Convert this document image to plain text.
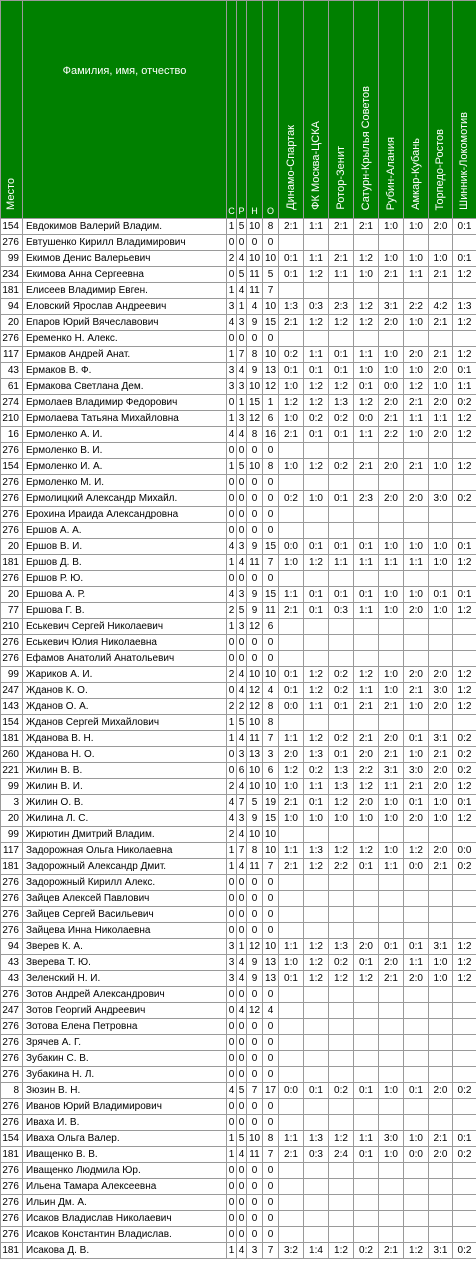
Место	Фамилия, имя, отчество	С	Р	Н	О	Динамо-Спартак	ФК Москва-ЦСКА	Ротор-Зенит	Сатурн-Крылья Советов	Рубин-Алания	Амкар-Кубань	Торпедо-Ростов	Шинник-Локомотив
154	Евдокимов Валерий Владим.	1	5	10	8	2:1	1:1	2:1	2:1	1:0	1:0	2:0	0:1
276	Евтушенко Кирилл Владимирович	0	0	0	0								
99	Екимов Денис Валерьевич	2	4	10	10	0:1	1:1	2:1	1:2	1:0	1:0	1:0	0:1
234	Екимова Анна Сергеевна	0	5	11	5	0:1	1:2	1:1	1:0	2:1	1:1	2:1	1:2
181	Елисеев Владимир Евген.	1	4	11	7								
94	Еловский Ярослав Андреевич	3	1	4	10	1:3	0:3	2:3	1:2	3:1	2:2	4:2	1:3
20	Епаров Юрий Вячеславович	4	3	9	15	2:1	1:2	1:2	1:2	2:0	1:0	2:1	1:2
276	Еременко Н. Алекс.	0	0	0	0								
117	Ермаков Андрей Анат.	1	7	8	10	0:2	1:1	0:1	1:1	1:0	2:0	2:1	1:2
43	Ермаков В. Ф.	3	4	9	13	0:1	0:1	0:1	1:0	1:0	1:0	2:0	0:1
61	Ермакова Светлана Дем.	3	3	10	12	1:0	1:2	1:2	0:1	0:0	1:2	1:0	1:1
274	Ермолаев Владимир Федорович	0	1	15	1	1:2	1:2	1:3	1:2	2:0	2:1	2:0	0:2
210	Ермолаева Татьяна Михайловна	1	3	12	6	1:0	0:2	0:2	0:0	2:1	1:1	1:1	1:2
16	Ермоленко А. И.	4	4	8	16	2:1	0:1	0:1	1:1	2:2	1:0	2:0	1:2
276	Ермоленко В. И.	0	0	0	0								
154	Ермоленко И. А.	1	5	10	8	1:0	1:2	0:2	2:1	2:0	2:1	1:0	1:2
276	Ермоленко М. И.	0	0	0	0								
276	Ермолицкий Александр Михайл.	0	0	0	0	0:2	1:0	0:1	2:3	2:0	2:0	3:0	0:2
276	Ерохина Ираида Александровна	0	0	0	0								
276	Ершов А. А.	0	0	0	0								
20	Ершов В. И.	4	3	9	15	0:0	0:1	0:1	0:1	1:0	1:0	1:0	0:1
181	Ершов Д. В.	1	4	11	7	1:0	1:2	1:1	1:1	1:1	1:1	1:0	1:2
276	Ершов Р. Ю.	0	0	0	0								
20	Ершова А. Р.	4	3	9	15	1:1	0:1	0:1	0:1	1:0	1:0	0:1	0:1
77	Ершова Г. В.	2	5	9	11	2:1	0:1	0:3	1:1	1:0	2:0	1:0	1:2
210	Еськевич Сергей Николаевич	1	3	12	6								
276	Еськевич Юлия Николаевна	0	0	0	0								
276	Ефамов Анатолий Анатольевич	0	0	0	0								
99	Жариков А. И.	2	4	10	10	0:1	1:2	0:2	1:2	1:0	2:0	2:0	1:2
247	Жданов К. О.	0	4	12	4	0:1	1:2	0:2	1:1	1:0	2:1	3:0	1:2
143	Жданов О. А.	2	2	12	8	0:0	1:1	0:1	2:1	2:1	1:0	2:0	1:2
154	Жданов Сергей Михайлович	1	5	10	8								
181	Жданова В. Н.	1	4	11	7	1:1	1:2	0:2	2:1	2:0	0:1	3:1	0:2
260	Жданова Н. О.	0	3	13	3	2:0	1:3	0:1	2:0	2:1	1:0	2:1	0:2
221	Жилин В. В.	0	6	10	6	1:2	0:2	1:3	2:2	3:1	3:0	2:0	0:2
99	Жилин В. И.	2	4	10	10	1:0	1:1	1:3	1:2	1:1	2:1	2:0	1:2
3	Жилин О. В.	4	7	5	19	2:1	0:1	1:2	2:0	1:0	0:1	1:0	0:1
20	Жилина Л. С.	4	3	9	15	1:0	1:0	1:0	1:0	1:0	2:0	1:0	1:2
99	Жирютин Дмитрий Владим.	2	4	10	10								
117	Задорожная Ольга Николаевна	1	7	8	10	1:1	1:3	1:2	1:2	1:0	1:2	2:0	0:0
181	Задорожный Александр Дмит.	1	4	11	7	2:1	1:2	2:2	0:1	1:1	0:0	2:1	0:2
276	Задорожный Кирилл Алекс.	0	0	0	0								
276	Зайцев Алексей Павлович	0	0	0	0								
276	Зайцев Сергей Васильевич	0	0	0	0								
276	Зайцева Инна Николаевна	0	0	0	0								
94	Зверев К. А.	3	1	12	10	1:1	1:2	1:3	2:0	0:1	0:1	3:1	1:2
43	Зверева Т. Ю.	3	4	9	13	1:0	1:2	0:2	0:1	2:0	1:1	1:0	1:2
43	Зеленский Н. И.	3	4	9	13	0:1	1:2	1:2	1:2	2:1	2:0	1:0	1:2
276	Зотов Андрей Александрович	0	0	0	0								
247	Зотов Георгий Андреевич	0	4	12	4								
276	Зотова Елена Петровна	0	0	0	0								
276	Зрячев А. Г.	0	0	0	0								
276	Зубакин С. В.	0	0	0	0								
276	Зубакина Н. Л.	0	0	0	0								
8	Зюзин В. Н.	4	5	7	17	0:0	0:1	0:2	0:1	1:0	0:1	2:0	0:2
276	Иванов Юрий Владимирович	0	0	0	0								
276	Иваха И. В.	0	0	0	0								
154	Иваха Ольга Валер.	1	5	10	8	1:1	1:3	1:2	1:1	3:0	1:0	2:1	0:1
181	Иващенко В. В.	1	4	11	7	2:1	0:3	2:4	0:1	1:0	0:0	2:0	0:2
276	Иващенко Людмила Юр.	0	0	0	0								
276	Ильена Тамара Алексеевна	0	0	0	0								
276	Ильин Дм. А.	0	0	0	0								
276	Исаков Владислав Николаевич	0	0	0	0								
276	Исаков Константин Владислав.	0	0	0	0								
181	Исакова Д. В.	1	4	3	7	3:2	1:4	1:2	0:2	2:1	1:2	3:1	0:2
